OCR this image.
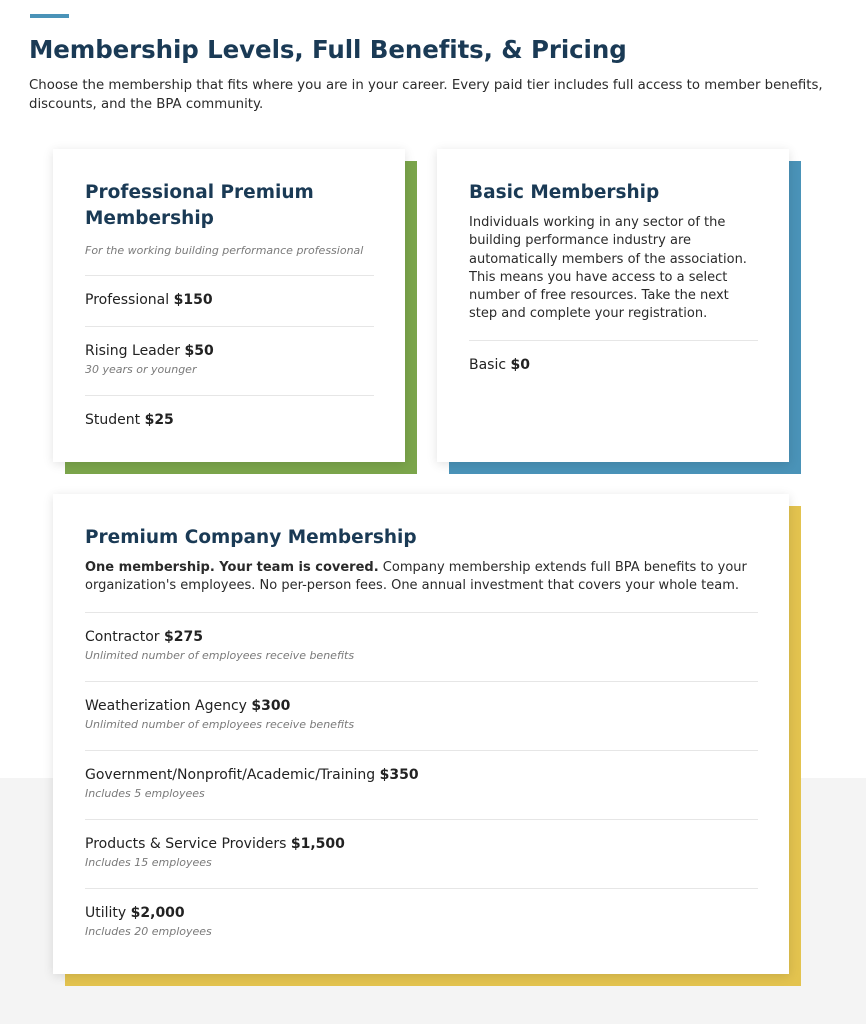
Membership Levels, Full Benefits, & Pricing

Choose the membership that fits where you are in your career. Every paid tier includes full access to member benefits, discounts, and the BPA community.

Professional Premium
Membership
For the working building performance professional
Professional $150
Rising Leader $50
30 years or younger
Student $25
Basic Membership

Individuals working in any sector of the building performance industry are automatically members of the association. This means you have access to a select number of free resources. Take the next step and complete your registration.

Basic $0
Premium Company Membership

One membership. Your team is covered. Company membership extends full BPA benefits to your organization's employees. No per-person fees. One annual investment that covers your whole team.

Contractor $275
Unlimited number of employees receive benefits
Weatherization Agency $300
Unlimited number of employees receive benefits
Government/Nonprofit/Academic/Training $350
Includes 5 employees
Products & Service Providers $1,500
Includes 15 employees
Utility $2,000
Includes 20 employees
